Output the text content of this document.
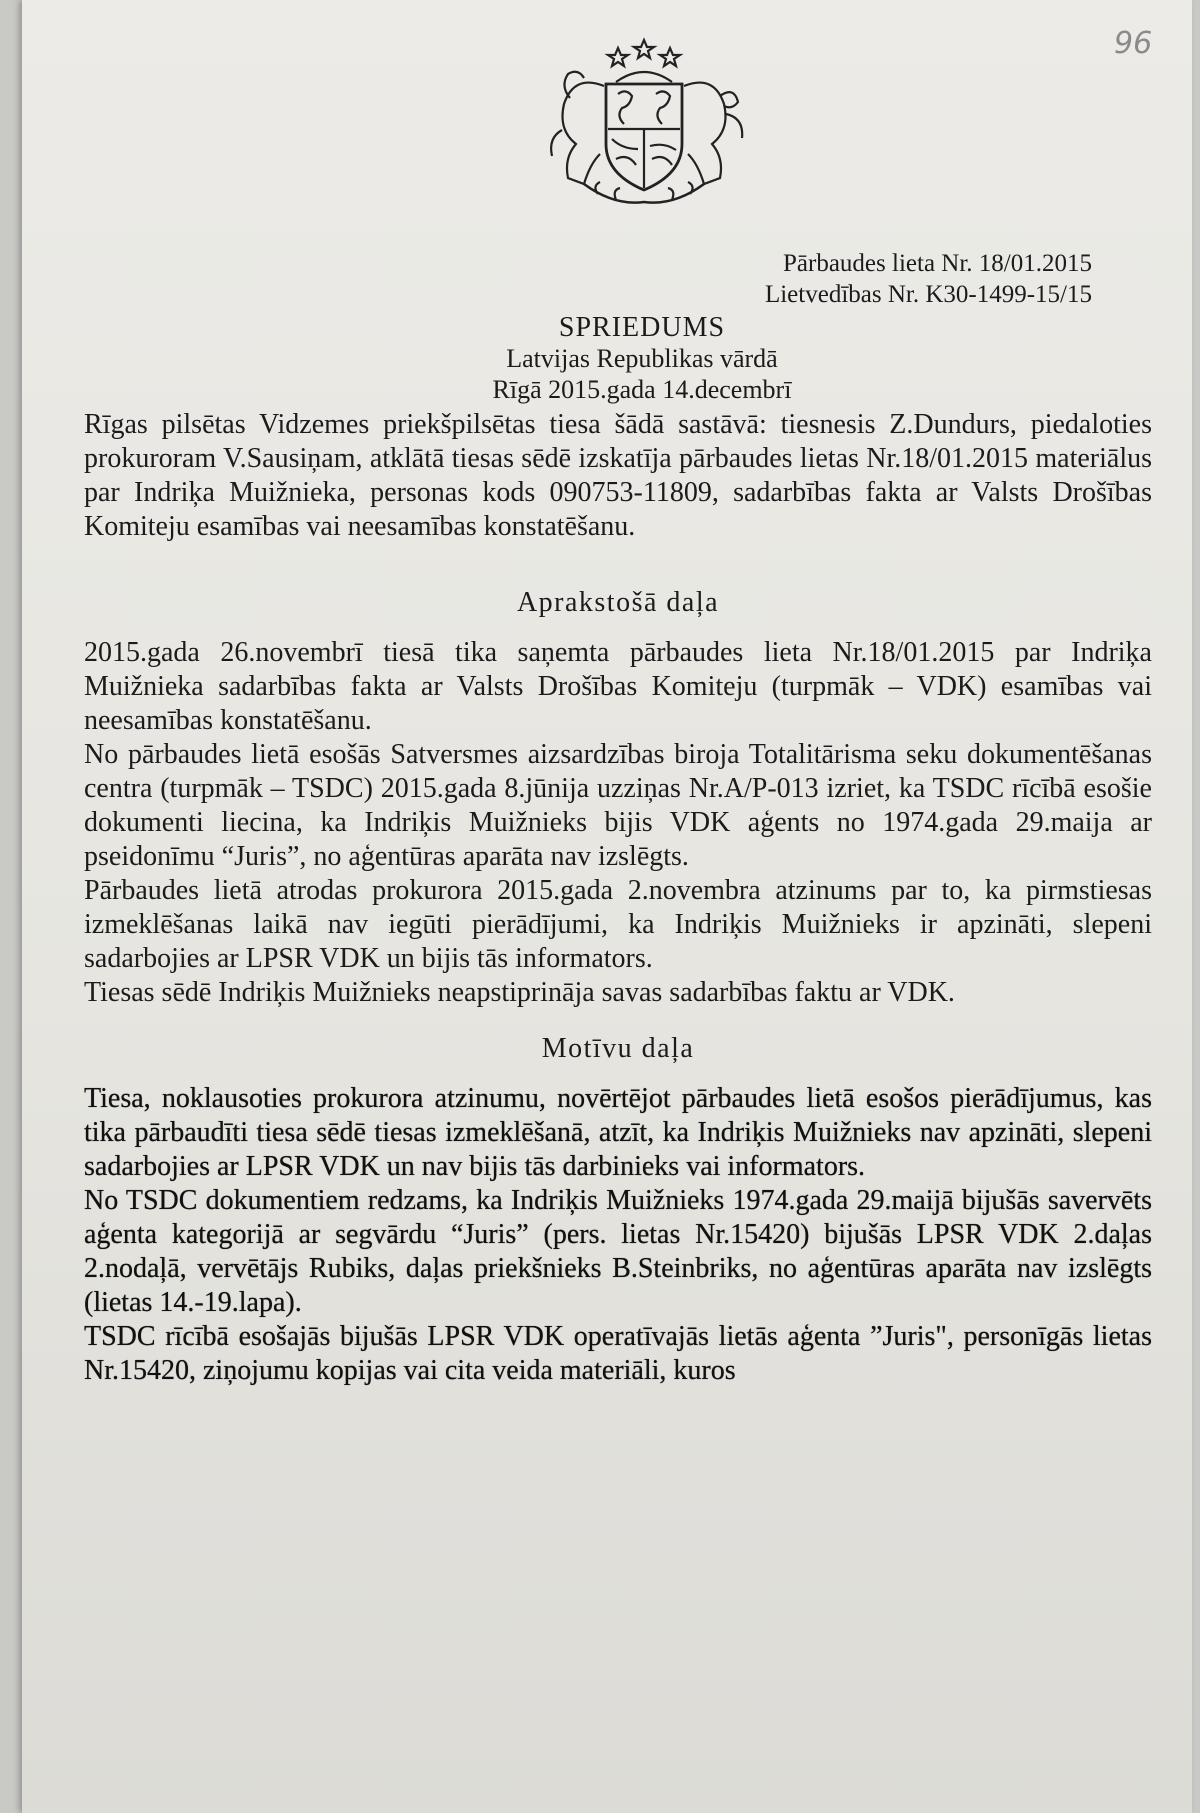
96
Pārbaudes lieta Nr. 18/01.2015
Lietvedības Nr. K30-1499-15/15
SPRIEDUMS
Latvijas Republikas vārdā
Rīgā 2015.gada 14.decembrī

Rīgas pilsētas Vidzemes priekšpilsētas tiesa šādā sastāvā: tiesnesis Z.Dundurs, piedaloties prokuroram V.Sausiņam, atklātā tiesas sēdē izskatīja pārbaudes lietas Nr.18/01.2015 materiālus par Indriķa Muižnieka, personas kods 090753-11809, sadarbības fakta ar Valsts Drošības Komiteju esamības vai neesamības konstatēšanu.

Aprakstošā daļa

2015.gada 26.novembrī tiesā tika saņemta pārbaudes lieta Nr.18/01.2015 par Indriķa Muižnieka sadarbības fakta ar Valsts Drošības Komiteju (turpmāk – VDK) esamības vai neesamības konstatēšanu.

No pārbaudes lietā esošās Satversmes aizsardzības biroja Totalitārisma seku dokumentēšanas centra (turpmāk – TSDC) 2015.gada 8.jūnija uzziņas Nr.A/P-013 izriet, ka TSDC rīcībā esošie dokumenti liecina, ka Indriķis Muižnieks bijis VDK aģents no 1974.gada 29.maija ar pseidonīmu “Juris”, no aģentūras aparāta nav izslēgts.

Pārbaudes lietā atrodas prokurora 2015.gada 2.novembra atzinums par to, ka pirmstiesas izmeklēšanas laikā nav iegūti pierādījumi, ka Indriķis Muižnieks ir apzināti, slepeni sadarbojies ar LPSR VDK un bijis tās informators.

Tiesas sēdē Indriķis Muižnieks neapstiprināja savas sadarbības faktu ar VDK.

Motīvu daļa

Tiesa, noklausoties prokurora atzinumu, novērtējot pārbaudes lietā esošos pierādījumus, kas tika pārbaudīti tiesa sēdē tiesas izmeklēšanā, atzīt, ka Indriķis Muižnieks nav apzināti, slepeni sadarbojies ar LPSR VDK un nav bijis tās darbinieks vai informators.

No TSDC dokumentiem redzams, ka Indriķis Muižnieks 1974.gada 29.maijā bijušās savervēts aģenta kategorijā ar segvārdu “Juris” (pers. lietas Nr.15420) bijušās LPSR VDK 2.daļas 2.nodaļā, vervētājs Rubiks, daļas priekšnieks B.Steinbriks, no aģentūras aparāta nav izslēgts (lietas 14.-19.lapa).

TSDC rīcībā esošajās bijušās LPSR VDK operatīvajās lietās aģenta ”Juris", personīgās lietas Nr.15420, ziņojumu kopijas vai cita veida materiāli, kuros
